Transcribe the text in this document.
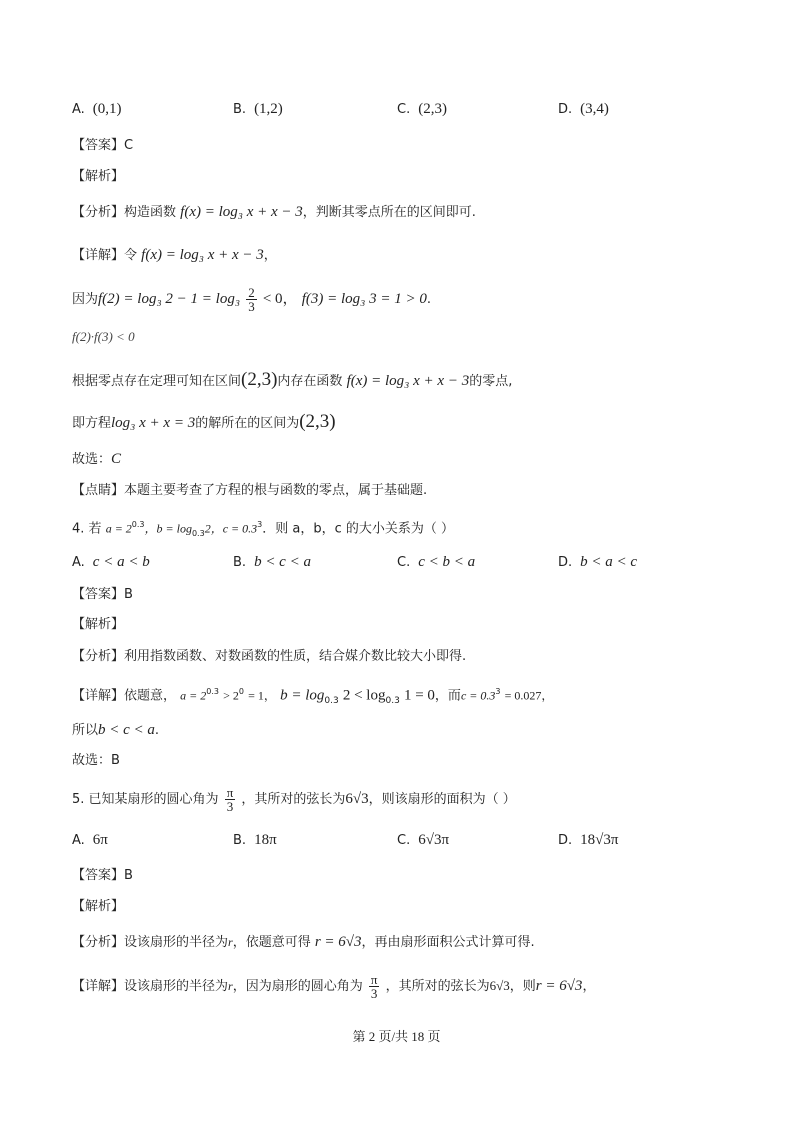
A. (0,1)	B. (1,2)	C. (2,3)	D. (3,4)
【答案】C
【解析】
【分析】构造函数 f(x) = log₃ x + x − 3，判断其零点所在的区间即可.
【详解】令 f(x) = log₃ x + x − 3，
因为f(2) = log₃ $2 - 1 = \log_3 \frac{2}{3} < 0$， f(3) = log₃ 3 = 1 > 0.
f(2)·f(3) < 0
根据零点存在定理可知在区间(2,3)内存在函数 f(x) = log₃ x + x − 3的零点,
即方程log₃ x + x = 3的解所在的区间为(2,3)
故选：C
【点睛】本题主要考查了方程的根与函数的零点，属于基础题.
4. 若 $a = 2^{0.3}$，$b = \log_{0.3}2$，$c = 0.3^3$．则 a，b，c 的大小关系为（ ）
A. c < a < b	B. b < c < a	C. c < b < a	D. b < a < c
【答案】B
【解析】
【分析】利用指数函数、对数函数的性质，结合媒介数比较大小即得.
【详解】依题意， $a = 2^{0.3} > 2^0 = 1$， $b = \log_{0.3} 2 < \log_{0.3} 1 = 0$，而$c = 0.3^3 = 0.027$，
所以b < c < a.
故选：B
5. 已知某扇形的圆心角为 $\frac{\pi}{3}$ ，其所对的弦长为6√3，则该扇形的面积为（ ）
A. 6π	B. 18π	C. 6√3π	D. 18√3π
【答案】B
【解析】
【分析】设该扇形的半径为r，依题意可得 r = 6√3，再由扇形面积公式计算可得.
【详解】设该扇形的半径为r，因为扇形的圆心角为 $\frac{\pi}{3}$ ，其所对的弦长为6√3，则r = 6√3，
第 2 页/共 18 页
